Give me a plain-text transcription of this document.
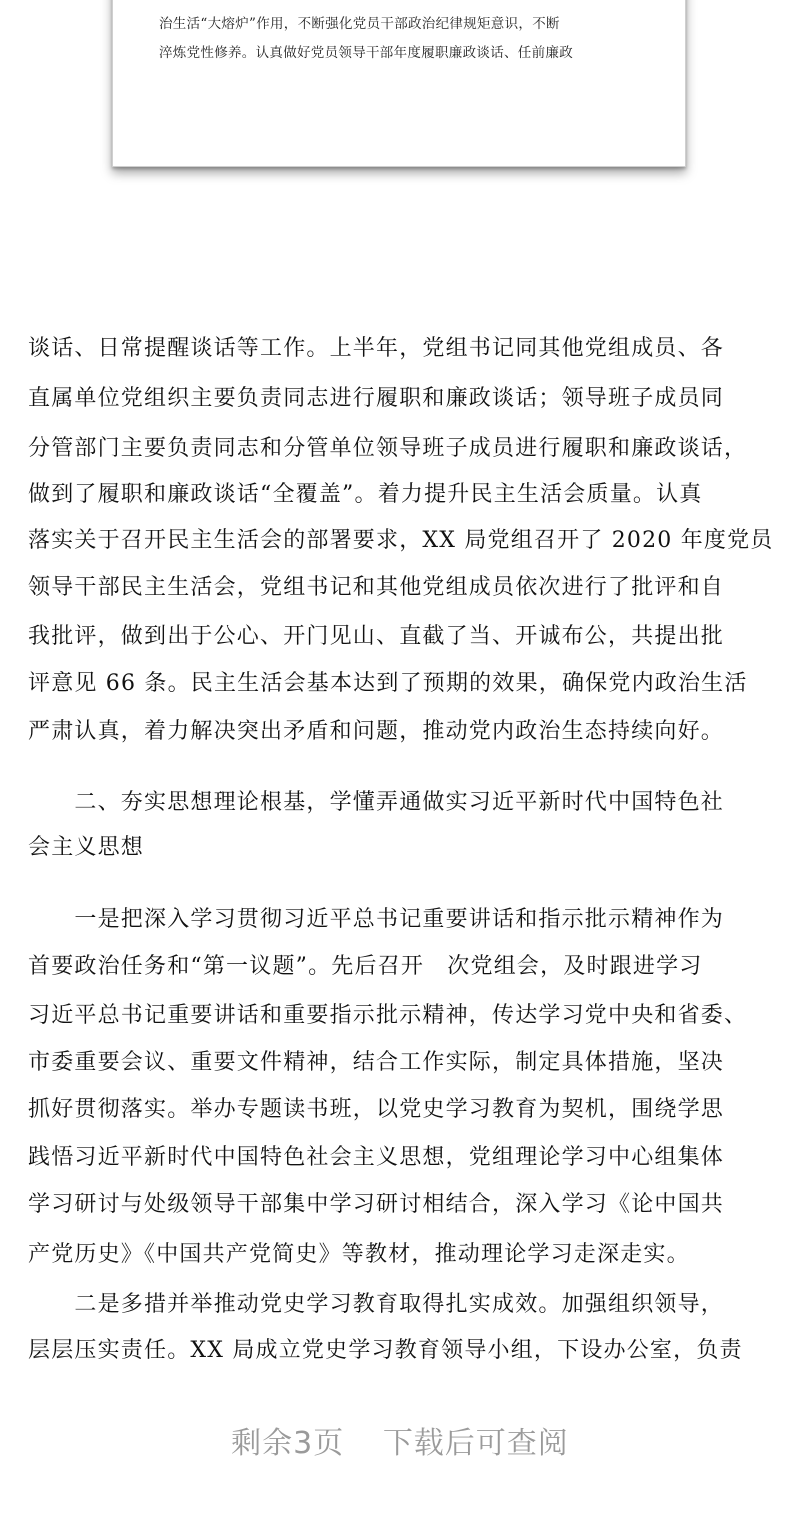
治生活“大熔炉”作用，不断强化党员干部政治纪律规矩意识，不断
淬炼党性修养。认真做好党员领导干部年度履职廉政谈话、任前廉政
谈话、日常提醒谈话等工作。上半年，党组书记同其他党组成员、各
直属单位党组织主要负责同志进行履职和廉政谈话；领导班子成员同
分管部门主要负责同志和分管单位领导班子成员进行履职和廉政谈话，
做到了履职和廉政谈话“全覆盖”。着力提升民主生活会质量。认真
落实关于召开民主生活会的部署要求，XX 局党组召开了 2020 年度党员
领导干部民主生活会，党组书记和其他党组成员依次进行了批评和自
我批评，做到出于公心、开门见山、直截了当、开诚布公，共提出批
评意见 66 条。民主生活会基本达到了预期的效果，确保党内政治生活
严肃认真，着力解决突出矛盾和问题，推动党内政治生态持续向好。
　　二、夯实思想理论根基，学懂弄通做实习近平新时代中国特色社
会主义思想
　　一是把深入学习贯彻习近平总书记重要讲话和指示批示精神作为
首要政治任务和“第一议题”。先后召开　次党组会，及时跟进学习
习近平总书记重要讲话和重要指示批示精神，传达学习党中央和省委、
市委重要会议、重要文件精神，结合工作实际，制定具体措施，坚决
抓好贯彻落实。举办专题读书班，以党史学习教育为契机，围绕学思
践悟习近平新时代中国特色社会主义思想，党组理论学习中心组集体
学习研讨与处级领导干部集中学习研讨相结合，深入学习《论中国共
产党历史》《中国共产党简史》等教材，推动理论学习走深走实。
　　二是多措并举推动党史学习教育取得扎实成效。加强组织领导，
层层压实责任。XX 局成立党史学习教育领导小组，下设办公室，负责
剩余3页 下载后可查阅
